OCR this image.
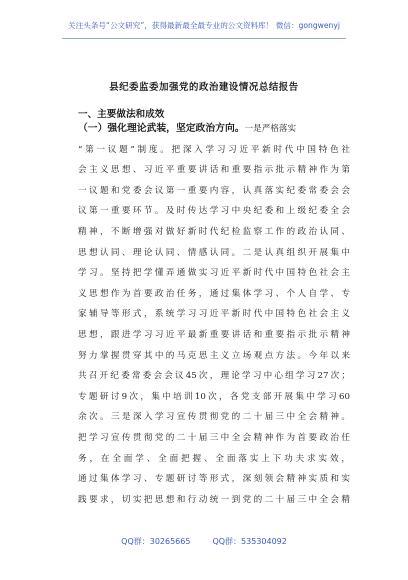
关注头条号“公文研究”，获得最新最全最专业的公文资料库！ 微信：gongwenyj
县纪委监委加强党的政治建设情况总结报告
一、主要做法和成效
（一）强化理论武装，坚定政治方向。一是严格落实
“第一议题”制度。把深入学习习近平新时代中国特色社
会主义思想、习近平重要讲话和重要指示批示精神作为第
一议题和党委会议第一重要内容，认真落实纪委常委会会
议第一重要环节。及时传达学习中央纪委和上级纪委全会
精神，不断增强对做好新时代纪检监察工作的政治认同、
思想认同、理论认同、情感认同。二是认真组织开展集中
学习。坚持把学懂弄通做实习近平新时代中国特色社会主
义思想作为首要政治任务，通过集体学习、个人自学、专
家辅导等形式，系统学习习近平新时代中国特色社会主义
思想，跟进学习习近平最新重要讲话和重要指示批示精神
努力掌握贯穿其中的马克思主义立场观点方法。今年以来
共召开纪委常委会会议45次，理论学习中心组学习27次；
专题研讨9次，集中培训10次，各党支部开展集中学习60
余次。三是深入学习宣传贯彻党的二十届三中全会精神。
把学习宣传贯彻党的二十届三中全会精神作为首要政治任
务，在全面学、全面把握、全面落实上下功夫求实效，
通过集体学习、专题研讨等形式，深刻领会精神实质和实
践要求，切实把思想和行动统一到党的二十届三中全会精
QQ群：30265665	QQ群：535304092
